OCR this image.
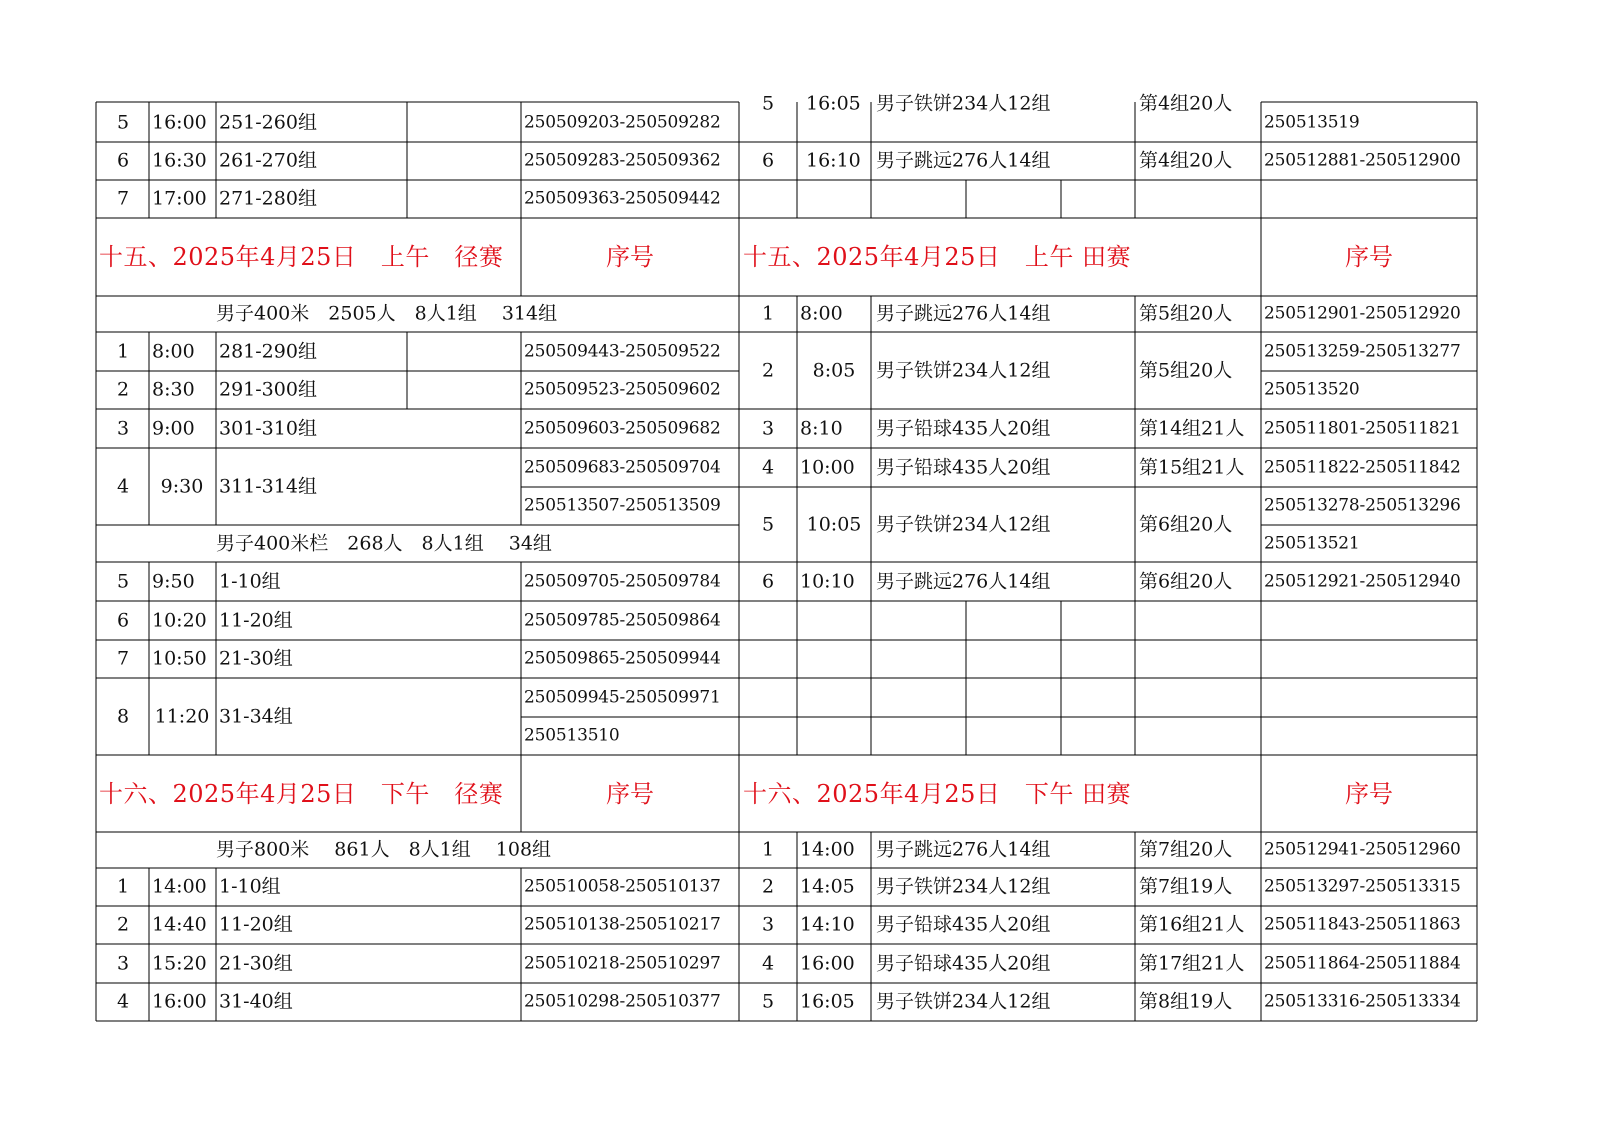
5 16:00 251-260组	250509203-250509282
6 16:30 261-270组	250509283-250509362
7 17:00 271-280组	250509363-250509442
5 16:05 男子铁饼234人12组	第4组20人
250513519
6 16:10 男子跳远276人14组	第4组20人 250512881-250512900
十五、2025年4月25日　上午　径赛	序号	十五、2025年4月25日　上午 田赛	序号
男子400米　2505人　8人1组　 314组
1 8:00 281-290组	250509443-250509522
2 8:30 291-300组	250509523-250509602
3 9:00 301-310组	250509603-250509682
4 9:30 311-314组
250509683-250509704
250513507-250513509
男子400米栏　268人　8人1组　 34组
5 9:50 1-10组	250509705-250509784
6 10:20 11-20组	250509785-250509864
7 10:50 21-30组	250509865-250509944
8 11:20 31-34组
250509945-250509971
250513510
1 8:00 男子跳远276人14组	第5组20人 250512901-250512920
2 8:05 男子铁饼234人12组	第5组20人
250513259-250513277
250513520
3 8:10 男子铅球435人20组	第14组21人 250511801-250511821
4 10:00 男子铅球435人20组	第15组21人 250511822-250511842
5 10:05 男子铁饼234人12组	第6组20人
250513278-250513296
250513521
6 10:10 男子跳远276人14组	第6组20人 250512921-250512940
十六、2025年4月25日　下午　径赛	序号	十六、2025年4月25日　下午 田赛	序号
男子800米　 861人　8人1组　 108组
1 14:00 1-10组	250510058-250510137
2 14:40 11-20组	250510138-250510217
3 15:20 21-30组	250510218-250510297
4 16:00 31-40组	250510298-250510377
1 14:00 男子跳远276人14组	第7组20人 250512941-250512960
2 14:05 男子铁饼234人12组	第7组19人 250513297-250513315
3 14:10 男子铅球435人20组	第16组21人 250511843-250511863
4 16:00 男子铅球435人20组	第17组21人 250511864-250511884
5 16:05 男子铁饼234人12组	第8组19人 250513316-250513334
